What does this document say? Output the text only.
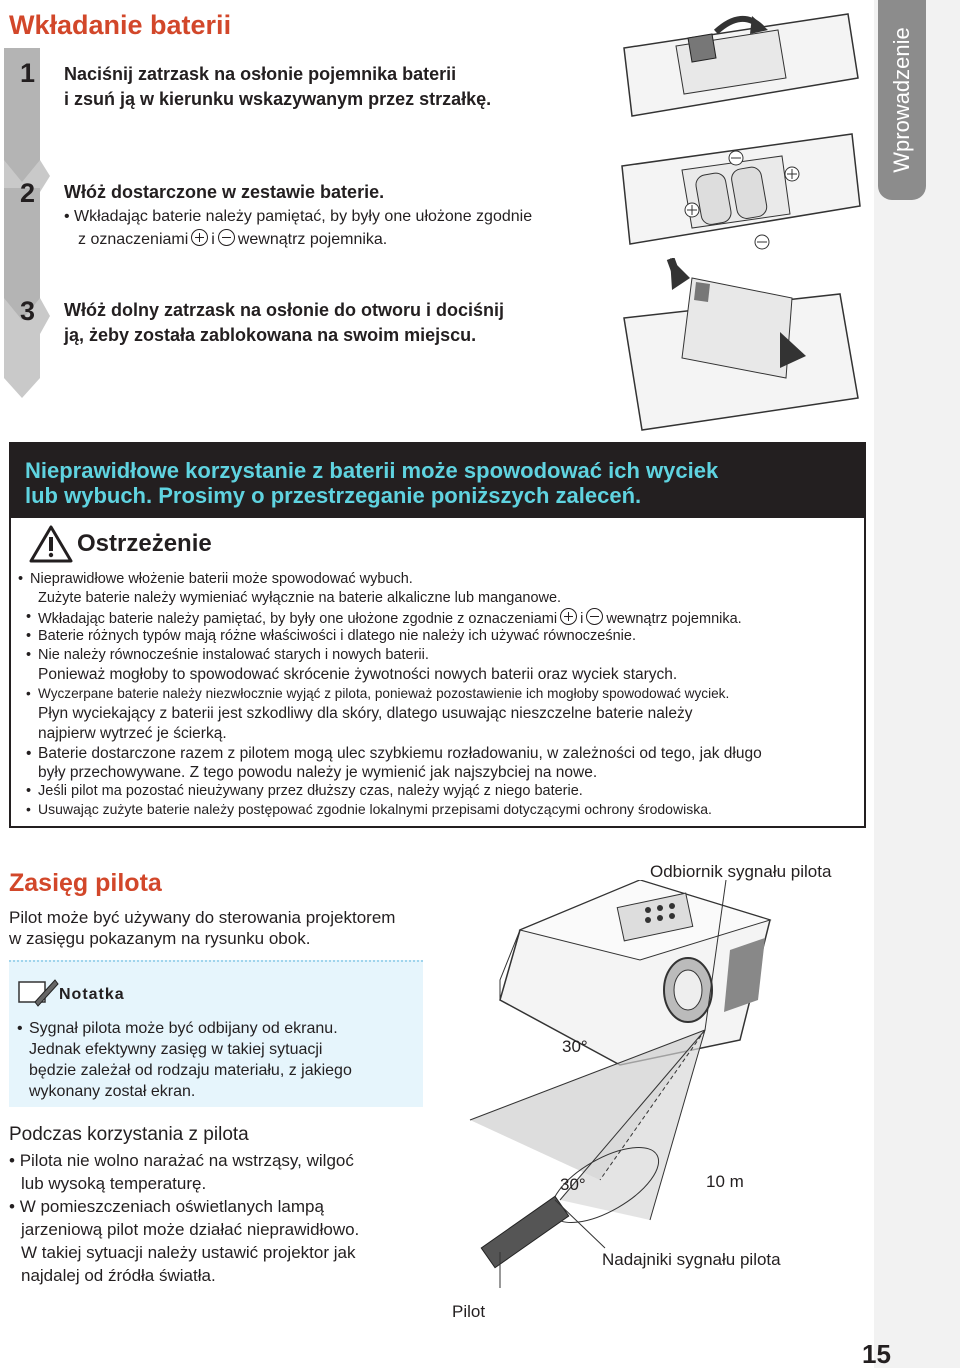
Wprowadzenie
Wkładanie baterii
1
2
3
Naciśnij zatrzask na osłonie pojemnika baterii
i zsuń ją w kierunku wskazywanym przez strzałkę.
Włóż dostarczone w zestawie baterie.
• Wkładając baterie należy pamiętać, by były one ułożone zgodnie
z oznaczeniami i wewnątrz pojemnika.
Włóż dolny zatrzask na osłonie do otworu i dociśnij
ją, żeby została zablokowana na swoim miejscu.
Nieprawidłowe korzystanie z baterii może spowodować ich wyciek
lub wybuch. Prosimy o przestrzeganie poniższych zaleceń.
Ostrzeżenie
• Nieprawidłowe włożenie baterii może spowodować wybuch.
Zużyte baterie należy wymieniać wyłącznie na baterie alkaliczne lub manganowe.
• Wkładając baterie należy pamiętać, by były one ułożone zgodnie z oznaczeniami i wewnątrz pojemnika.
• Baterie różnych typów mają różne właściwości i dlatego nie należy ich używać równocześnie.
• Nie należy równocześnie instalować starych i nowych baterii.
Ponieważ mogłoby to spowodować skrócenie żywotności nowych baterii oraz wyciek starych.
• Wyczerpane baterie należy niezwłocznie wyjąć z pilota, ponieważ pozostawienie ich mogłoby spowodować wyciek.
Płyn wyciekający z baterii jest szkodliwy dla skóry, dlatego usuwając nieszczelne baterie należy
najpierw wytrzeć je ścierką.
• Baterie dostarczone razem z pilotem mogą ulec szybkiemu rozładowaniu, w zależności od tego, jak długo
były przechowywane. Z tego powodu należy je wymienić jak najszybciej na nowe.
• Jeśli pilot ma pozostać nieużywany przez dłuższy czas, należy wyjąć z niego baterie.
• Usuwając zużyte baterie należy postępować zgodnie lokalnymi przepisami dotyczącymi ochrony środowiska.
Zasięg pilota
Pilot może być używany do sterowania projektorem
w zasięgu pokazanym na rysunku obok.
Notatka
• Sygnał pilota może być odbijany od ekranu.
Jednak efektywny zasięg w takiej sytuacji
będzie zależał od rodzaju materiału, z jakiego
wykonany został ekran.
Podczas korzystania z pilota
• Pilota nie wolno narażać na wstrząsy, wilgoć
lub wysoką temperaturę.
• W pomieszczeniach oświetlanych lampą
jarzeniową pilot może działać nieprawidłowo.
W takiej sytuacji należy ustawić projektor jak
najdalej od źródła światła.
Odbiornik sygnału pilota
30°
30°	10 m
Nadajniki sygnału pilota
Pilot
15
